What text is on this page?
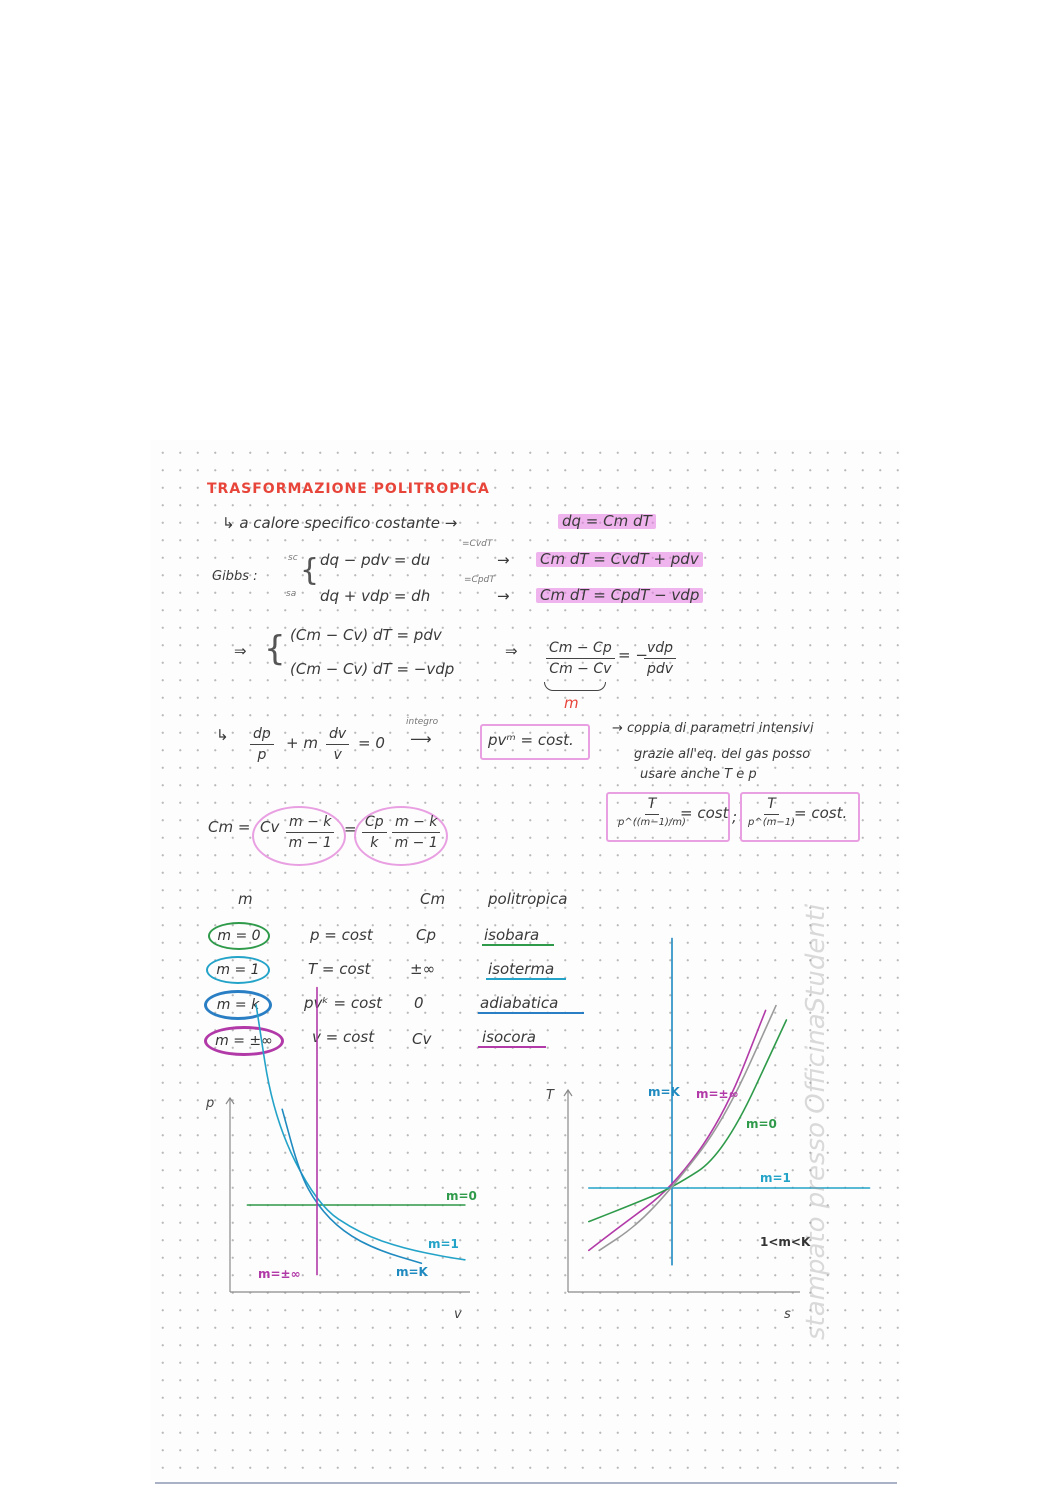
TRASFORMAZIONE POLITROPICA
↳ a calore specifico costante →	dq = Cm dT
Gibbs :
sc
sa
{ dq − pdv = du
=CvdT
→ Cm dT = CvdT + pdv
dq + vdp = dh
=CpdT
→ Cm dT = CpdT − vdp
⇒ { (Cm − Cv) dT = pdv
(Cm − Cv) dT = −vdp
⇒ $\frac{Cm - Cp}{Cm - Cv}$ = − vdp
pdv
m
↳ $\frac{dp}{p} + m \frac{dv}{v} = 0$
integro
⟶	pvᵐ = cost.
→ coppia di parametri intensivi
grazie all'eq. dei gas posso
usare anche T e p
T
p^((m−1)/m)
= cost ;
T
p^(m−1)
= cost.
Cm = Cv $\frac{m - k}{m - 1} = \frac{Cp}{k} \frac{m - k}{m - 1}$
m	Cm	politropica
m = 0	p = cost	Cp	isobara
m = 1	T = cost	±∞	isoterma
m = k	pvᵏ = cost 0	adiabatica
m = ±∞	v = cost	Cv	isocora
p
v
m=0
m=1
m=K
m=±∞
T
s
m=K m=±∞
m=0
m=1
1<m<K
stampato presso OfficinaStudenti
